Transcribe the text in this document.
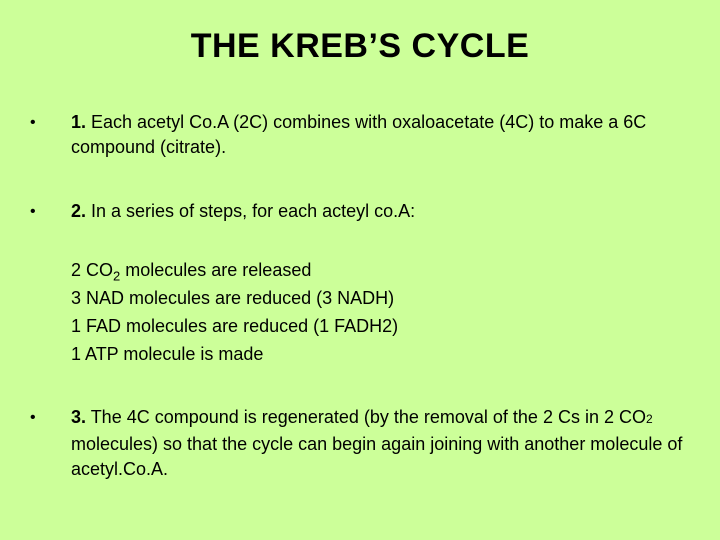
THE KREB’S CYCLE
•	1. Each acetyl Co.A (2C) combines with oxaloacetate (4C) to make a 6C compound (citrate).
•	2. In a series of steps, for each acteyl co.A:
2 $CO_2$ molecules are released
3 NAD molecules are reduced (3 NADH)
1 FAD molecules are reduced (1 FADH2)
1 ATP molecule is made
•	3. The 4C compound is regenerated (by the removal of the 2 Cs in 2 CO2 molecules) so that the cycle can begin again joining with another molecule of acetyl.Co.A.
